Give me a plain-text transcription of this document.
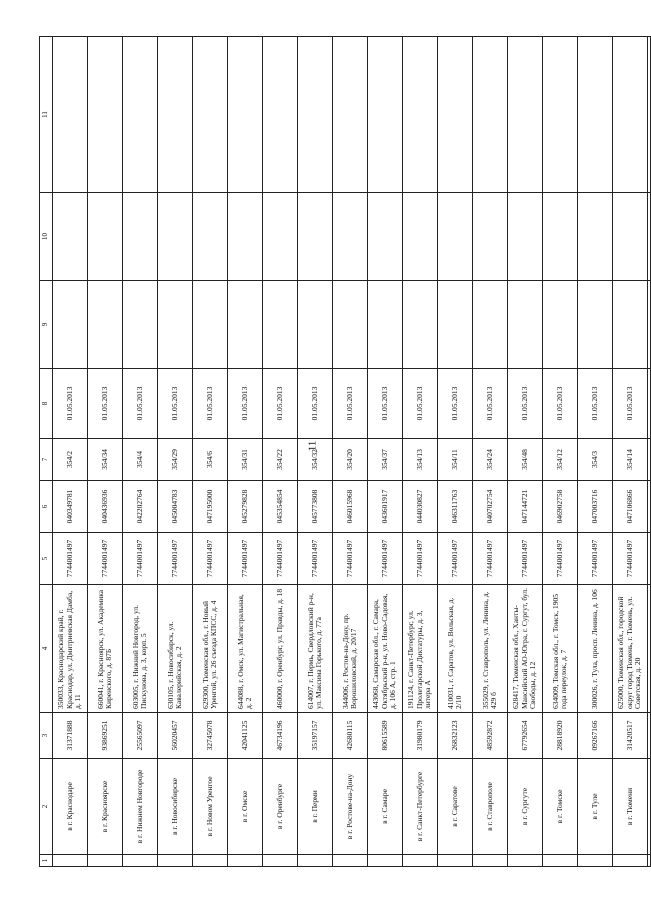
11
1	2	3	4	5	6	7	8	9	10	11
	в г. Краснодаре	31371888	350033, Краснодарский край, г. Краснодар, ул. Дмитриевская Дамба, д. 11	7744001497	040349781	354/2	01.05.2013			
	в г. Красноярске	93869251	660041, г. Красноярск, ул. Академика Киренского, д. 87Б	7744001497	040436936	354/34	01.05.2013			
	в г. Нижнем Новгороде	25565097	603005, г. Нижний Новгород, ул. Пискунова, д. 3, корп. 5	7744001497	042202764	354/4	01.05.2013			
	в г. Новосибирске	56020457	630105, г. Новосибирск, ул. Кавалерийская, д. 2	7744001497	045004783	354/29	01.05.2013			
	в г. Новом Уренгое	32745078	629300, Тюменская обл., г. Новый Уренгой, ул. 26 съезда КПСС, д. 4	7744001497	047195000	354/6	01.05.2013			
	в г. Омске	42041125	644088, г. Омск, ул. Магистральная, д. 2	7744001497	045279828	354/31	01.05.2013			
	в г. Оренбурге	46734196	460000, г. Оренбург, ул. Правды, д. 18	7744001497	045354854	354/22	01.05.2013			
	в г. Перми	35197157	614007, г. Пермь, Свердловский р-н, ул. Максима Горького, д. 77а	7744001497	045773808	354/32	01.05.2013			
	в г. Ростове-на-Дону	42680115	344006, г. Ростов-на-Дону, пр. Ворошиловский, д. 20/17	7744001497	046015968	354/20	01.05.2013			
	в г. Самаре	80615589	443068, Самарская обл., г. Самара, Октябрьский р-н, ул. Ново-Садовая, д. 106 А, стр. 1	7744001497	043601917	354/37	01.05.2013			
	в г. Санкт-Петербурге	31980179	191124, г. Санкт-Петербург, ул. Пролетарской Диктатуры, д. 3, литера А	7744001497	044030827	354/13	01.05.2013			
	в г. Саратове	26832123	410031, г. Саратов, ул. Вольская, д. 2/10	7744001497	046311763	354/11	01.05.2013			
	в г. Ставрополе	48592872	355029, г. Ставрополь, ул. Ленина, д. 429 б	7744001497	040702754	354/24	01.05.2013			
	в г. Сургуте	67792654	628417, Тюменская обл., Ханты-Мансийский АО-Югра, г. Сургут, бул. Свободы, д. 12	7744001497	047144721	354/48	01.05.2013			
	в г. Томске	28818920	634009, Томская обл., г. Томск, 1905 года переулок, д. 7	7744001497	046902758	354/12	01.05.2013			
	в г. Туле	09267166	300026, г. Тула, просп. Ленина, д. 106	7744001497	047003716	354/3	01.05.2013			
	в г. Тюмени	31420517	625000, Тюменская обл., городской округ город Тюмень, г. Тюмень, ул. Советская, д. 20	7744001497	047106866	354/14	01.05.2013			
